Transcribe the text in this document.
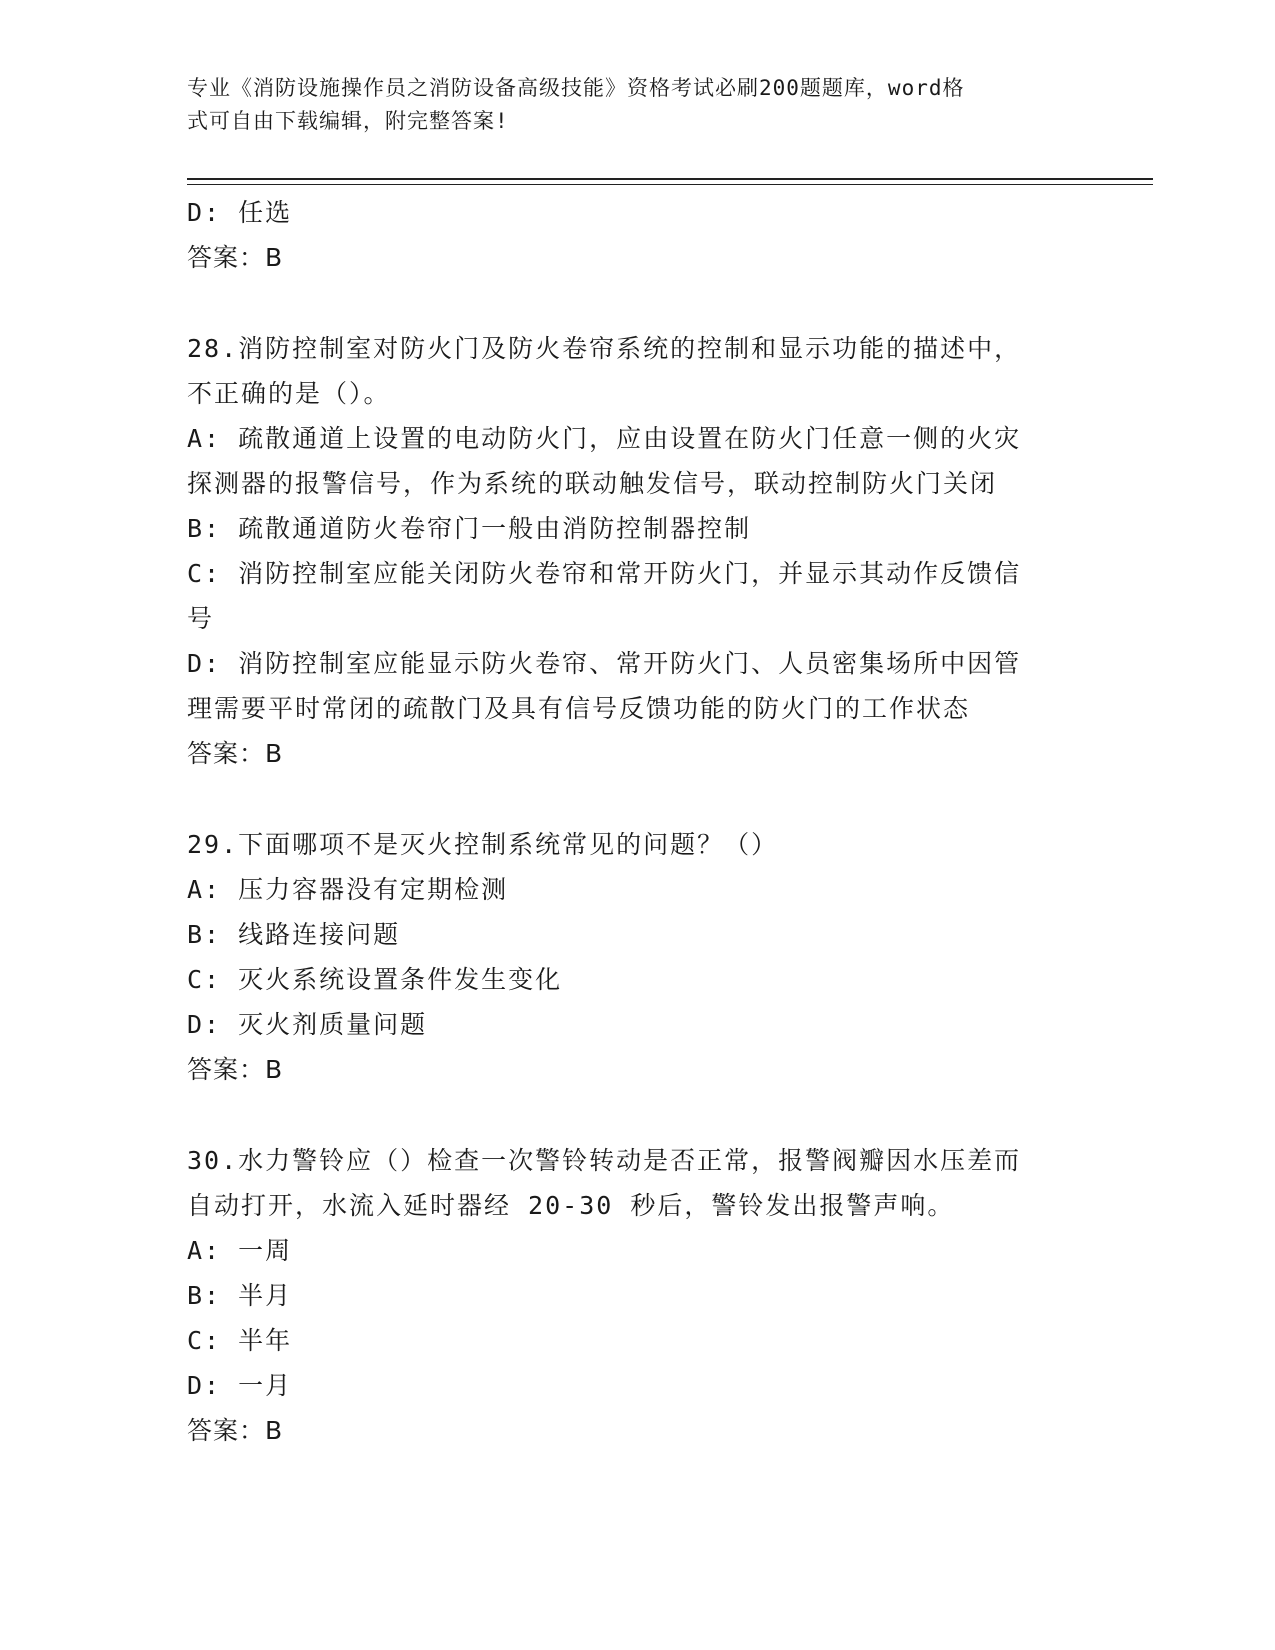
专业《消防设施操作员之消防设备高级技能》资格考试必刷200题题库，word格
式可自由下载编辑，附完整答案!
D: 任选
答案：B
28.消防控制室对防火门及防火卷帘系统的控制和显示功能的描述中，
不正确的是（）。
A: 疏散通道上设置的电动防火门，应由设置在防火门任意一侧的火灾
探测器的报警信号，作为系统的联动触发信号，联动控制防火门关闭
B: 疏散通道防火卷帘门一般由消防控制器控制
C: 消防控制室应能关闭防火卷帘和常开防火门，并显示其动作反馈信
号
D: 消防控制室应能显示防火卷帘、常开防火门、人员密集场所中因管
理需要平时常闭的疏散门及具有信号反馈功能的防火门的工作状态
答案：B
29.下面哪项不是灭火控制系统常见的问题？（）
A: 压力容器没有定期检测
B: 线路连接问题
C: 灭火系统设置条件发生变化
D: 灭火剂质量问题
答案：B
30.水力警铃应（）检查一次警铃转动是否正常，报警阀瓣因水压差而
自动打开，水流入延时器经 20-30 秒后，警铃发出报警声响。
A: 一周
B: 半月
C: 半年
D: 一月
答案：B
